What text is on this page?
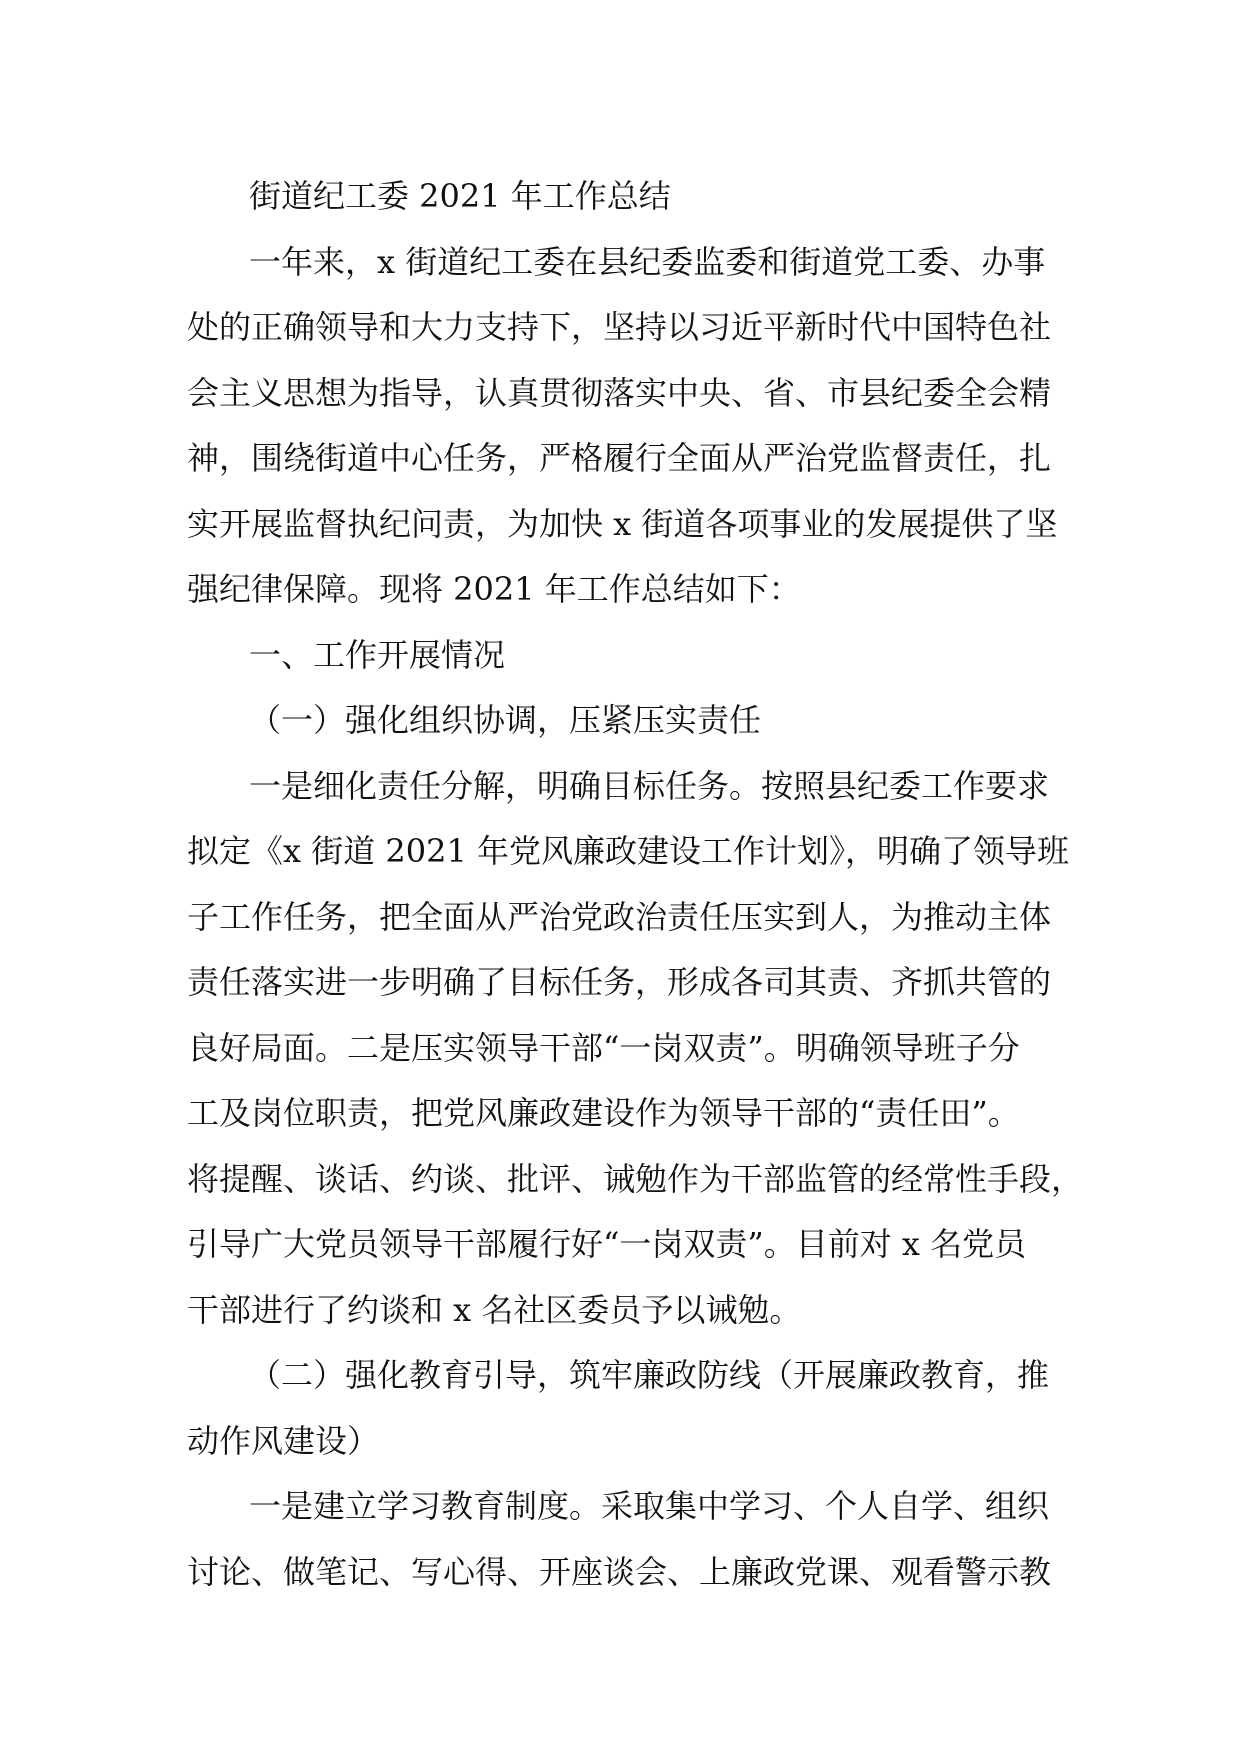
街道纪工委 2021 年工作总结

一年来，x 街道纪工委在县纪委监委和街道党工委、办事

处的正确领导和大力支持下，坚持以习近平新时代中国特色社

会主义思想为指导，认真贯彻落实中央、省、市县纪委全会精

神，围绕街道中心任务，严格履行全面从严治党监督责任，扎

实开展监督执纪问责，为加快 x 街道各项事业的发展提供了坚

强纪律保障。现将 2021 年工作总结如下：

一、工作开展情况

（一）强化组织协调，压紧压实责任

一是细化责任分解，明确目标任务。按照县纪委工作要求

拟定《x 街道 2021 年党风廉政建设工作计划》，明确了领导班

子工作任务，把全面从严治党政治责任压实到人，为推动主体

责任落实进一步明确了目标任务，形成各司其责、齐抓共管的

良好局面。二是压实领导干部“一岗双责”。明确领导班子分

工及岗位职责，把党风廉政建设作为领导干部的“责任田”。

将提醒、谈话、约谈、批评、诫勉作为干部监管的经常性手段，

引导广大党员领导干部履行好“一岗双责”。目前对 x 名党员

干部进行了约谈和 x 名社区委员予以诫勉。

（二）强化教育引导，筑牢廉政防线（开展廉政教育，推

动作风建设）

一是建立学习教育制度。采取集中学习、个人自学、组织

讨论、做笔记、写心得、开座谈会、上廉政党课、观看警示教
